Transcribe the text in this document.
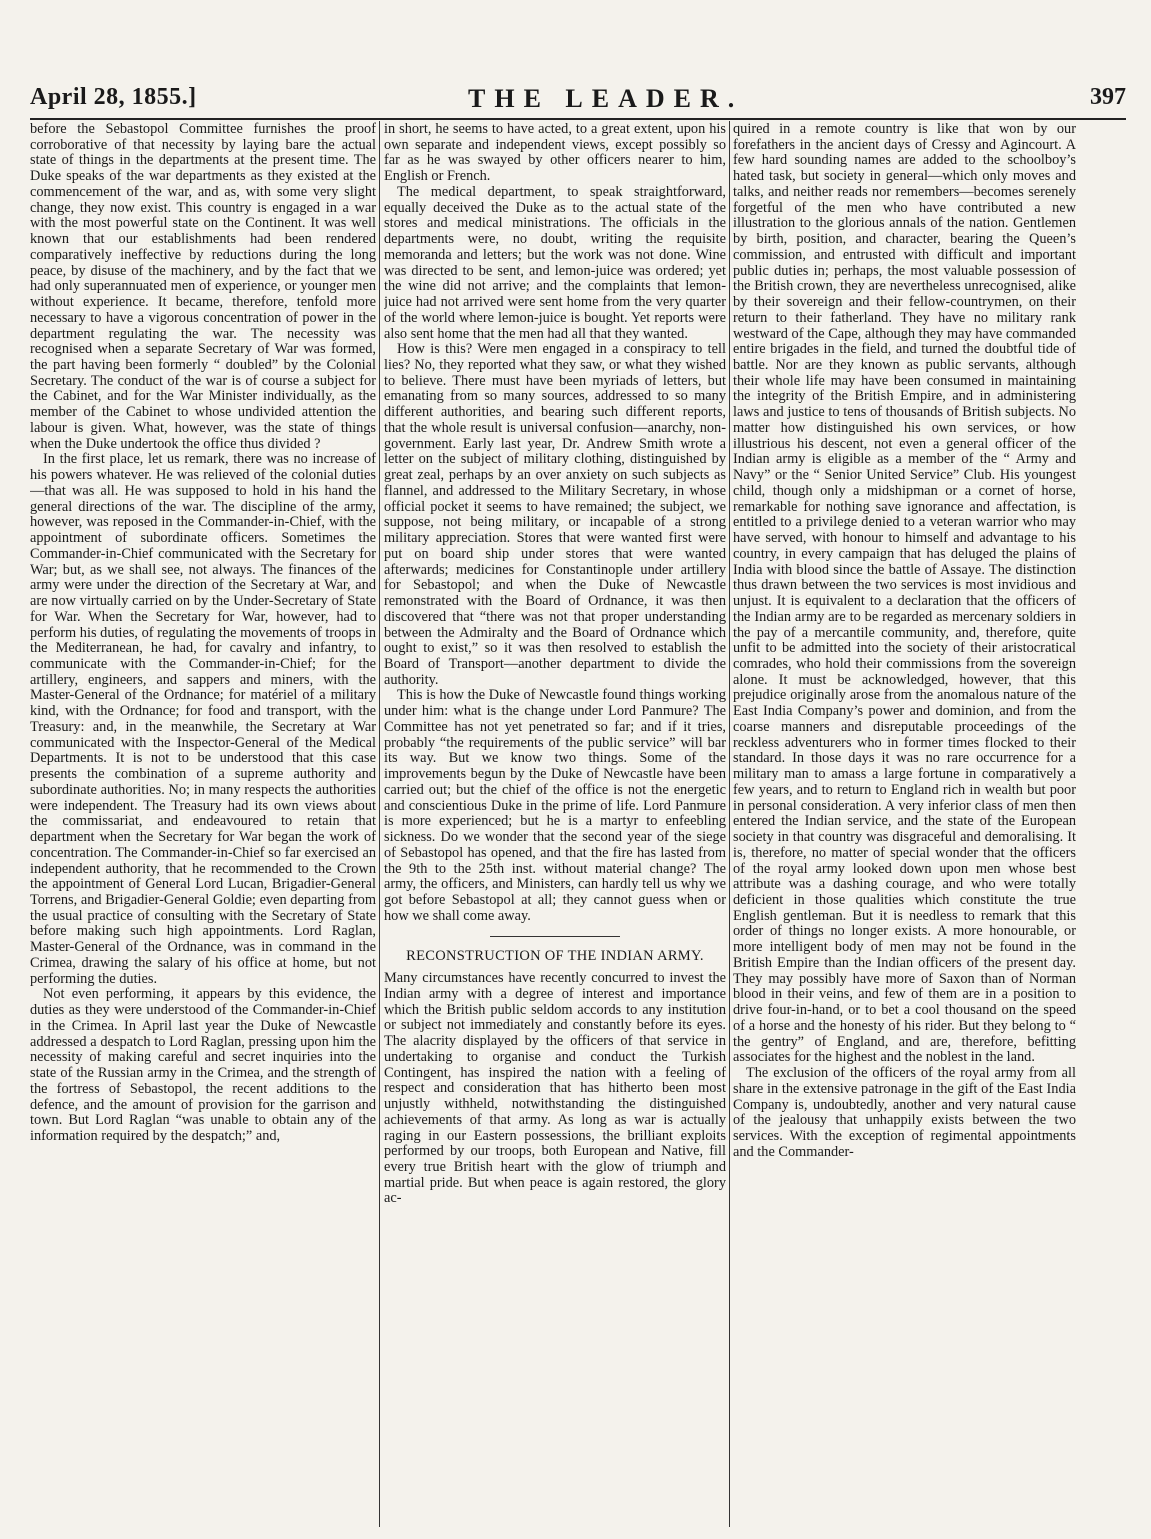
April 28, 1855.]	THE LEADER.	397

before the Sebastopol Committee furnishes the proof corroborative of that necessity by laying bare the actual state of things in the departments at the present time. The Duke speaks of the war departments as they existed at the commencement of the war, and as, with some very slight change, they now exist. This country is engaged in a war with the most powerful state on the Continent. It was well known that our establishments had been rendered comparatively ineffective by reductions during the long peace, by disuse of the machinery, and by the fact that we had only superannuated men of experience, or younger men without experience. It became, therefore, tenfold more necessary to have a vigorous concentration of power in the department regulating the war. The necessity was recognised when a separate Secretary of War was formed, the part having been formerly “ doubled” by the Colonial Secretary. The conduct of the war is of course a subject for the Cabinet, and for the War Minister individually, as the member of the Cabinet to whose undivided attention the labour is given. What, however, was the state of things when the Duke undertook the office thus divided ?

In the first place, let us remark, there was no increase of his powers whatever. He was relieved of the colonial duties—that was all. He was supposed to hold in his hand the general directions of the war. The discipline of the army, however, was reposed in the Commander-in-Chief, with the appointment of subordinate officers. Sometimes the Commander-in-Chief communicated with the Secretary for War; but, as we shall see, not always. The finances of the army were under the direction of the Secretary at War, and are now virtually carried on by the Under-Secretary of State for War. When the Secretary for War, however, had to perform his duties, of regulating the movements of troops in the Mediterranean, he had, for cavalry and infantry, to communicate with the Commander-in-Chief; for the artillery, engineers, and sappers and miners, with the Master-General of the Ordnance; for matériel of a military kind, with the Ordnance; for food and transport, with the Treasury: and, in the meanwhile, the Secretary at War communicated with the Inspector-General of the Medical Departments. It is not to be understood that this case presents the combination of a supreme authority and subordinate authorities. No; in many respects the authorities were independent. The Treasury had its own views about the commissariat, and endeavoured to retain that department when the Secretary for War began the work of concentration. The Commander-in-Chief so far exercised an independent authority, that he recommended to the Crown the appointment of General Lord Lucan, Brigadier-General Torrens, and Brigadier-General Goldie; even departing from the usual practice of consulting with the Secretary of State before making such high appointments. Lord Raglan, Master-General of the Ordnance, was in command in the Crimea, drawing the salary of his office at home, but not performing the duties.

Not even performing, it appears by this evidence, the duties as they were understood of the Commander-in-Chief in the Crimea. In April last year the Duke of Newcastle addressed a despatch to Lord Raglan, pressing upon him the necessity of making careful and secret inquiries into the state of the Russian army in the Crimea, and the strength of the fortress of Sebastopol, the recent additions to the defence, and the amount of provision for the garrison and town. But Lord Raglan “was unable to obtain any of the information required by the despatch;” and,

in short, he seems to have acted, to a great extent, upon his own separate and independent views, except possibly so far as he was swayed by other officers nearer to him, English or French.

The medical department, to speak straightforward, equally deceived the Duke as to the actual state of the stores and medical ministrations. The officials in the departments were, no doubt, writing the requisite memoranda and letters; but the work was not done. Wine was directed to be sent, and lemon-juice was ordered; yet the wine did not arrive; and the complaints that lemon-juice had not arrived were sent home from the very quarter of the world where lemon-juice is bought. Yet reports were also sent home that the men had all that they wanted.

How is this? Were men engaged in a conspiracy to tell lies? No, they reported what they saw, or what they wished to believe. There must have been myriads of letters, but emanating from so many sources, addressed to so many different authorities, and bearing such different reports, that the whole result is universal confusion—anarchy, non-government. Early last year, Dr. Andrew Smith wrote a letter on the subject of military clothing, distinguished by great zeal, perhaps by an over anxiety on such subjects as flannel, and addressed to the Military Secretary, in whose official pocket it seems to have remained; the subject, we suppose, not being military, or incapable of a strong military appreciation. Stores that were wanted first were put on board ship under stores that were wanted afterwards; medicines for Constantinople under artillery for Sebastopol; and when the Duke of Newcastle remonstrated with the Board of Ordnance, it was then discovered that “there was not that proper understanding between the Admiralty and the Board of Ordnance which ought to exist,” so it was then resolved to establish the Board of Transport—another department to divide the authority.

This is how the Duke of Newcastle found things working under him: what is the change under Lord Panmure? The Committee has not yet penetrated so far; and if it tries, probably “the requirements of the public service” will bar its way. But we know two things. Some of the improvements begun by the Duke of Newcastle have been carried out; but the chief of the office is not the energetic and conscientious Duke in the prime of life. Lord Panmure is more experienced; but he is a martyr to enfeebling sickness. Do we wonder that the second year of the siege of Sebastopol has opened, and that the fire has lasted from the 9th to the 25th inst. without material change? The army, the officers, and Ministers, can hardly tell us why we got before Sebastopol at all; they cannot guess when or how we shall come away.

RECONSTRUCTION OF THE INDIAN ARMY.

Many circumstances have recently concurred to invest the Indian army with a degree of interest and importance which the British public seldom accords to any institution or subject not immediately and constantly before its eyes. The alacrity displayed by the officers of that service in undertaking to organise and conduct the Turkish Contingent, has inspired the nation with a feeling of respect and consideration that has hitherto been most unjustly withheld, notwithstanding the distinguished achievements of that army. As long as war is actually raging in our Eastern possessions, the brilliant exploits performed by our troops, both European and Native, fill every true British heart with the glow of triumph and martial pride. But when peace is again restored, the glory ac-

quired in a remote country is like that won by our forefathers in the ancient days of Cressy and Agincourt. A few hard sounding names are added to the schoolboy’s hated task, but society in general—which only moves and talks, and neither reads nor remembers—becomes serenely forgetful of the men who have contributed a new illustration to the glorious annals of the nation. Gentlemen by birth, position, and character, bearing the Queen’s commission, and entrusted with difficult and important public duties in; perhaps, the most valuable possession of the British crown, they are nevertheless unrecognised, alike by their sovereign and their fellow-countrymen, on their return to their fatherland. They have no military rank westward of the Cape, although they may have commanded entire brigades in the field, and turned the doubtful tide of battle. Nor are they known as public servants, although their whole life may have been consumed in maintaining the integrity of the British Empire, and in administering laws and justice to tens of thousands of British subjects. No matter how distinguished his own services, or how illustrious his descent, not even a general officer of the Indian army is eligible as a member of the “ Army and Navy” or the “ Senior United Service” Club. His youngest child, though only a midshipman or a cornet of horse, remarkable for nothing save ignorance and affectation, is entitled to a privilege denied to a veteran warrior who may have served, with honour to himself and advantage to his country, in every campaign that has deluged the plains of India with blood since the battle of Assaye. The distinction thus drawn between the two services is most invidious and unjust. It is equivalent to a declaration that the officers of the Indian army are to be regarded as mercenary soldiers in the pay of a mercantile community, and, therefore, quite unfit to be admitted into the society of their aristocratical comrades, who hold their commissions from the sovereign alone. It must be acknowledged, however, that this prejudice originally arose from the anomalous nature of the East India Company’s power and dominion, and from the coarse manners and disreputable proceedings of the reckless adventurers who in former times flocked to their standard. In those days it was no rare occurrence for a military man to amass a large fortune in comparatively a few years, and to return to England rich in wealth but poor in personal consideration. A very inferior class of men then entered the Indian service, and the state of the European society in that country was disgraceful and demoralising. It is, therefore, no matter of special wonder that the officers of the royal army looked down upon men whose best attribute was a dashing courage, and who were totally deficient in those qualities which constitute the true English gentleman. But it is needless to remark that this order of things no longer exists. A more honourable, or more intelligent body of men may not be found in the British Empire than the Indian officers of the present day. They may possibly have more of Saxon than of Norman blood in their veins, and few of them are in a position to drive four-in-hand, or to bet a cool thousand on the speed of a horse and the honesty of his rider. But they belong to “ the gentry” of England, and are, therefore, befitting associates for the highest and the noblest in the land.

The exclusion of the officers of the royal army from all share in the extensive patronage in the gift of the East India Company is, undoubtedly, another and very natural cause of the jealousy that unhappily exists between the two services. With the exception of regimental appointments and the Commander-
